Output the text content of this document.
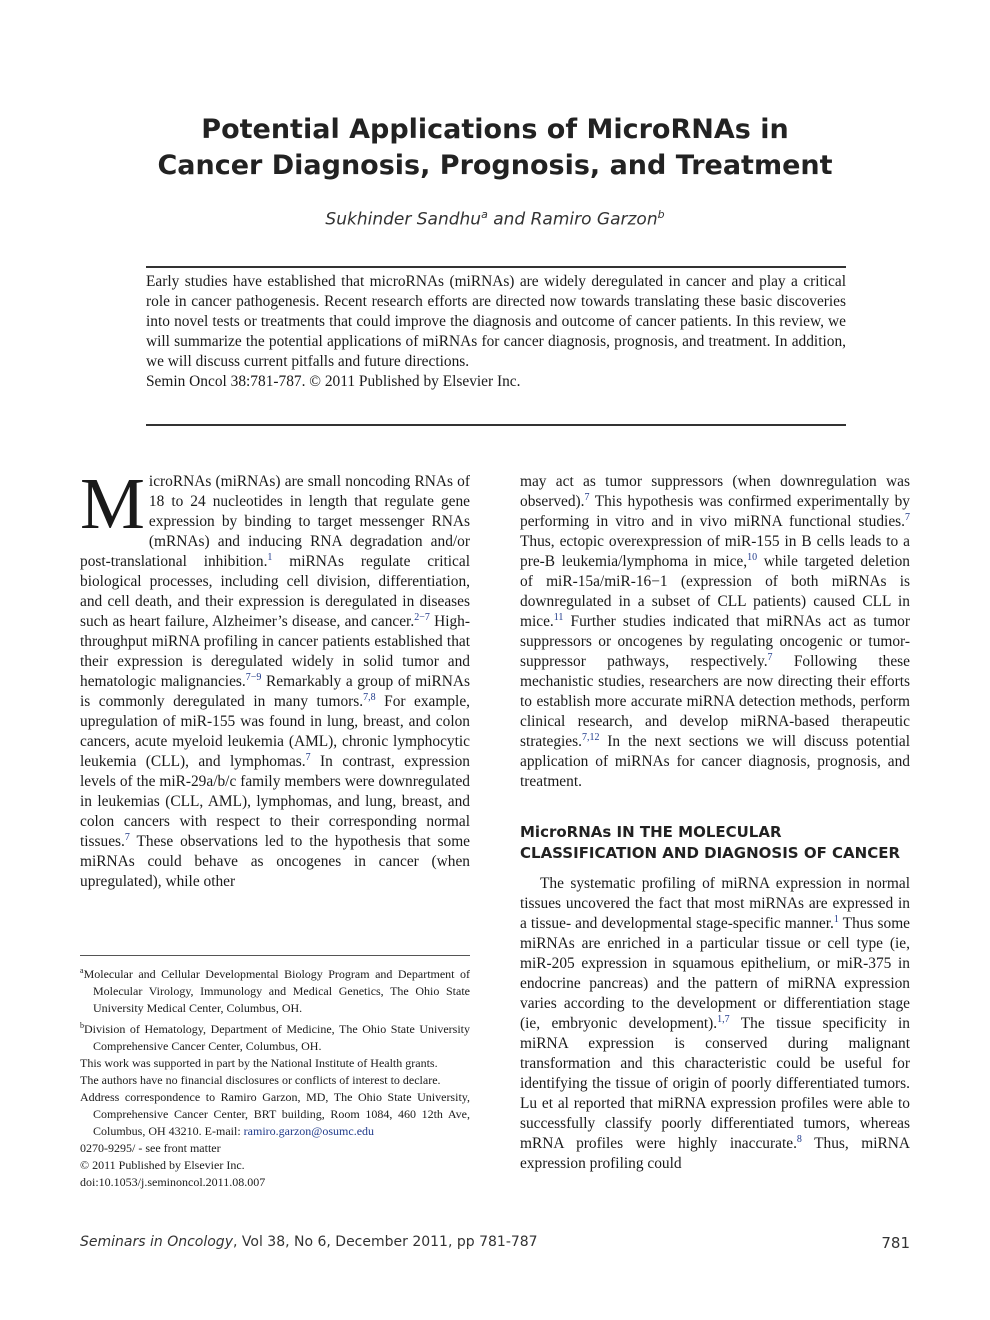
Potential Applications of MicroRNAs in
Cancer Diagnosis, Prognosis, and Treatment
Sukhinder Sandhu$^a$ and Ramiro Garzon$^b$

Early studies have established that microRNAs (miRNAs) are widely deregulated in cancer and play a critical role in cancer pathogenesis. Recent research efforts are directed now towards translating these basic discoveries into novel tests or treatments that could improve the diagnosis and outcome of cancer patients. In this review, we will summarize the potential applications of miRNAs for cancer diagnosis, prognosis, and treatment. In addition, we will discuss current pitfalls and future directions.

Semin Oncol 38:781-787. © 2011 Published by Elsevier Inc.

MicroRNAs (miRNAs) are small noncoding RNAs of 18 to 24 nucleotides in length that regulate gene expression by binding to target messenger RNAs (mRNAs) and inducing RNA degradation and/or post-translational inhibition.$^1$ miRNAs regulate critical biological processes, including cell division, differentiation, and cell death, and their expression is deregulated in diseases such as heart failure, Alzheimer’s disease, and cancer.$^{2-7}$ High-throughput miRNA profiling in cancer patients established that their expression is deregulated widely in solid tumor and hematologic malignancies.$^{7-9}$ Remarkably a group of miRNAs is commonly deregulated in many tumors.$^{7,8}$ For example, upregulation of miR-155 was found in lung, breast, and colon cancers, acute myeloid leukemia (AML), chronic lymphocytic leukemia (CLL), and lymphomas.$^7$ In contrast, expression levels of the miR-29a/b/c family members were downregulated in leukemias (CLL, AML), lymphomas, and lung, breast, and colon cancers with respect to their corresponding normal tissues.$^7$ These observations led to the hypothesis that some miRNAs could behave as oncogenes in cancer (when upregulated), while other

$^a$Molecular and Cellular Developmental Biology Program and Department of Molecular Virology, Immunology and Medical Genetics, The Ohio State University Medical Center, Columbus, OH.

$^b$Division of Hematology, Department of Medicine, The Ohio State University Comprehensive Cancer Center, Columbus, OH.

This work was supported in part by the National Institute of Health grants.

The authors have no financial disclosures or conflicts of interest to declare.

Address correspondence to Ramiro Garzon, MD, The Ohio State University, Comprehensive Cancer Center, BRT building, Room 1084, 460 12th Ave, Columbus, OH 43210. E-mail: ramiro.garzon@osumc.edu

0270-9295/ - see front matter

© 2011 Published by Elsevier Inc.

doi:10.1053/j.seminoncol.2011.08.007

may act as tumor suppressors (when downregulation was observed).$^7$ This hypothesis was confirmed experimentally by performing in vitro and in vivo miRNA functional studies.$^7$ Thus, ectopic overexpression of miR-155 in B cells leads to a pre-B leukemia/lymphoma in mice,$^{10}$ while targeted deletion of miR-15a/miR-16−1 (expression of both miRNAs is downregulated in a subset of CLL patients) caused CLL in mice.$^{11}$ Further studies indicated that miRNAs act as tumor suppressors or oncogenes by regulating oncogenic or tumor-suppressor pathways, respectively.$^7$ Following these mechanistic studies, researchers are now directing their efforts to establish more accurate miRNA detection methods, perform clinical research, and develop miRNA-based therapeutic strategies.$^{7,12}$ In the next sections we will discuss potential application of miRNAs for cancer diagnosis, prognosis, and treatment.

MicroRNAs IN THE MOLECULAR
CLASSIFICATION AND DIAGNOSIS OF CANCER

The systematic profiling of miRNA expression in normal tissues uncovered the fact that most miRNAs are expressed in a tissue- and developmental stage-specific manner.$^1$ Thus some miRNAs are enriched in a particular tissue or cell type (ie, miR-205 expression in squamous epithelium, or miR-375 in endocrine pancreas) and the pattern of miRNA expression varies according to the development or differentiation stage (ie, embryonic development).$^{1,7}$ The tissue specificity in miRNA expression is conserved during malignant transformation and this characteristic could be useful for identifying the tissue of origin of poorly differentiated tumors. Lu et al reported that miRNA expression profiles were able to successfully classify poorly differentiated tumors, whereas mRNA profiles were highly inaccurate.$^8$ Thus, miRNA expression profiling could

Seminars in Oncology, Vol 38, No 6, December 2011, pp 781-787	781
